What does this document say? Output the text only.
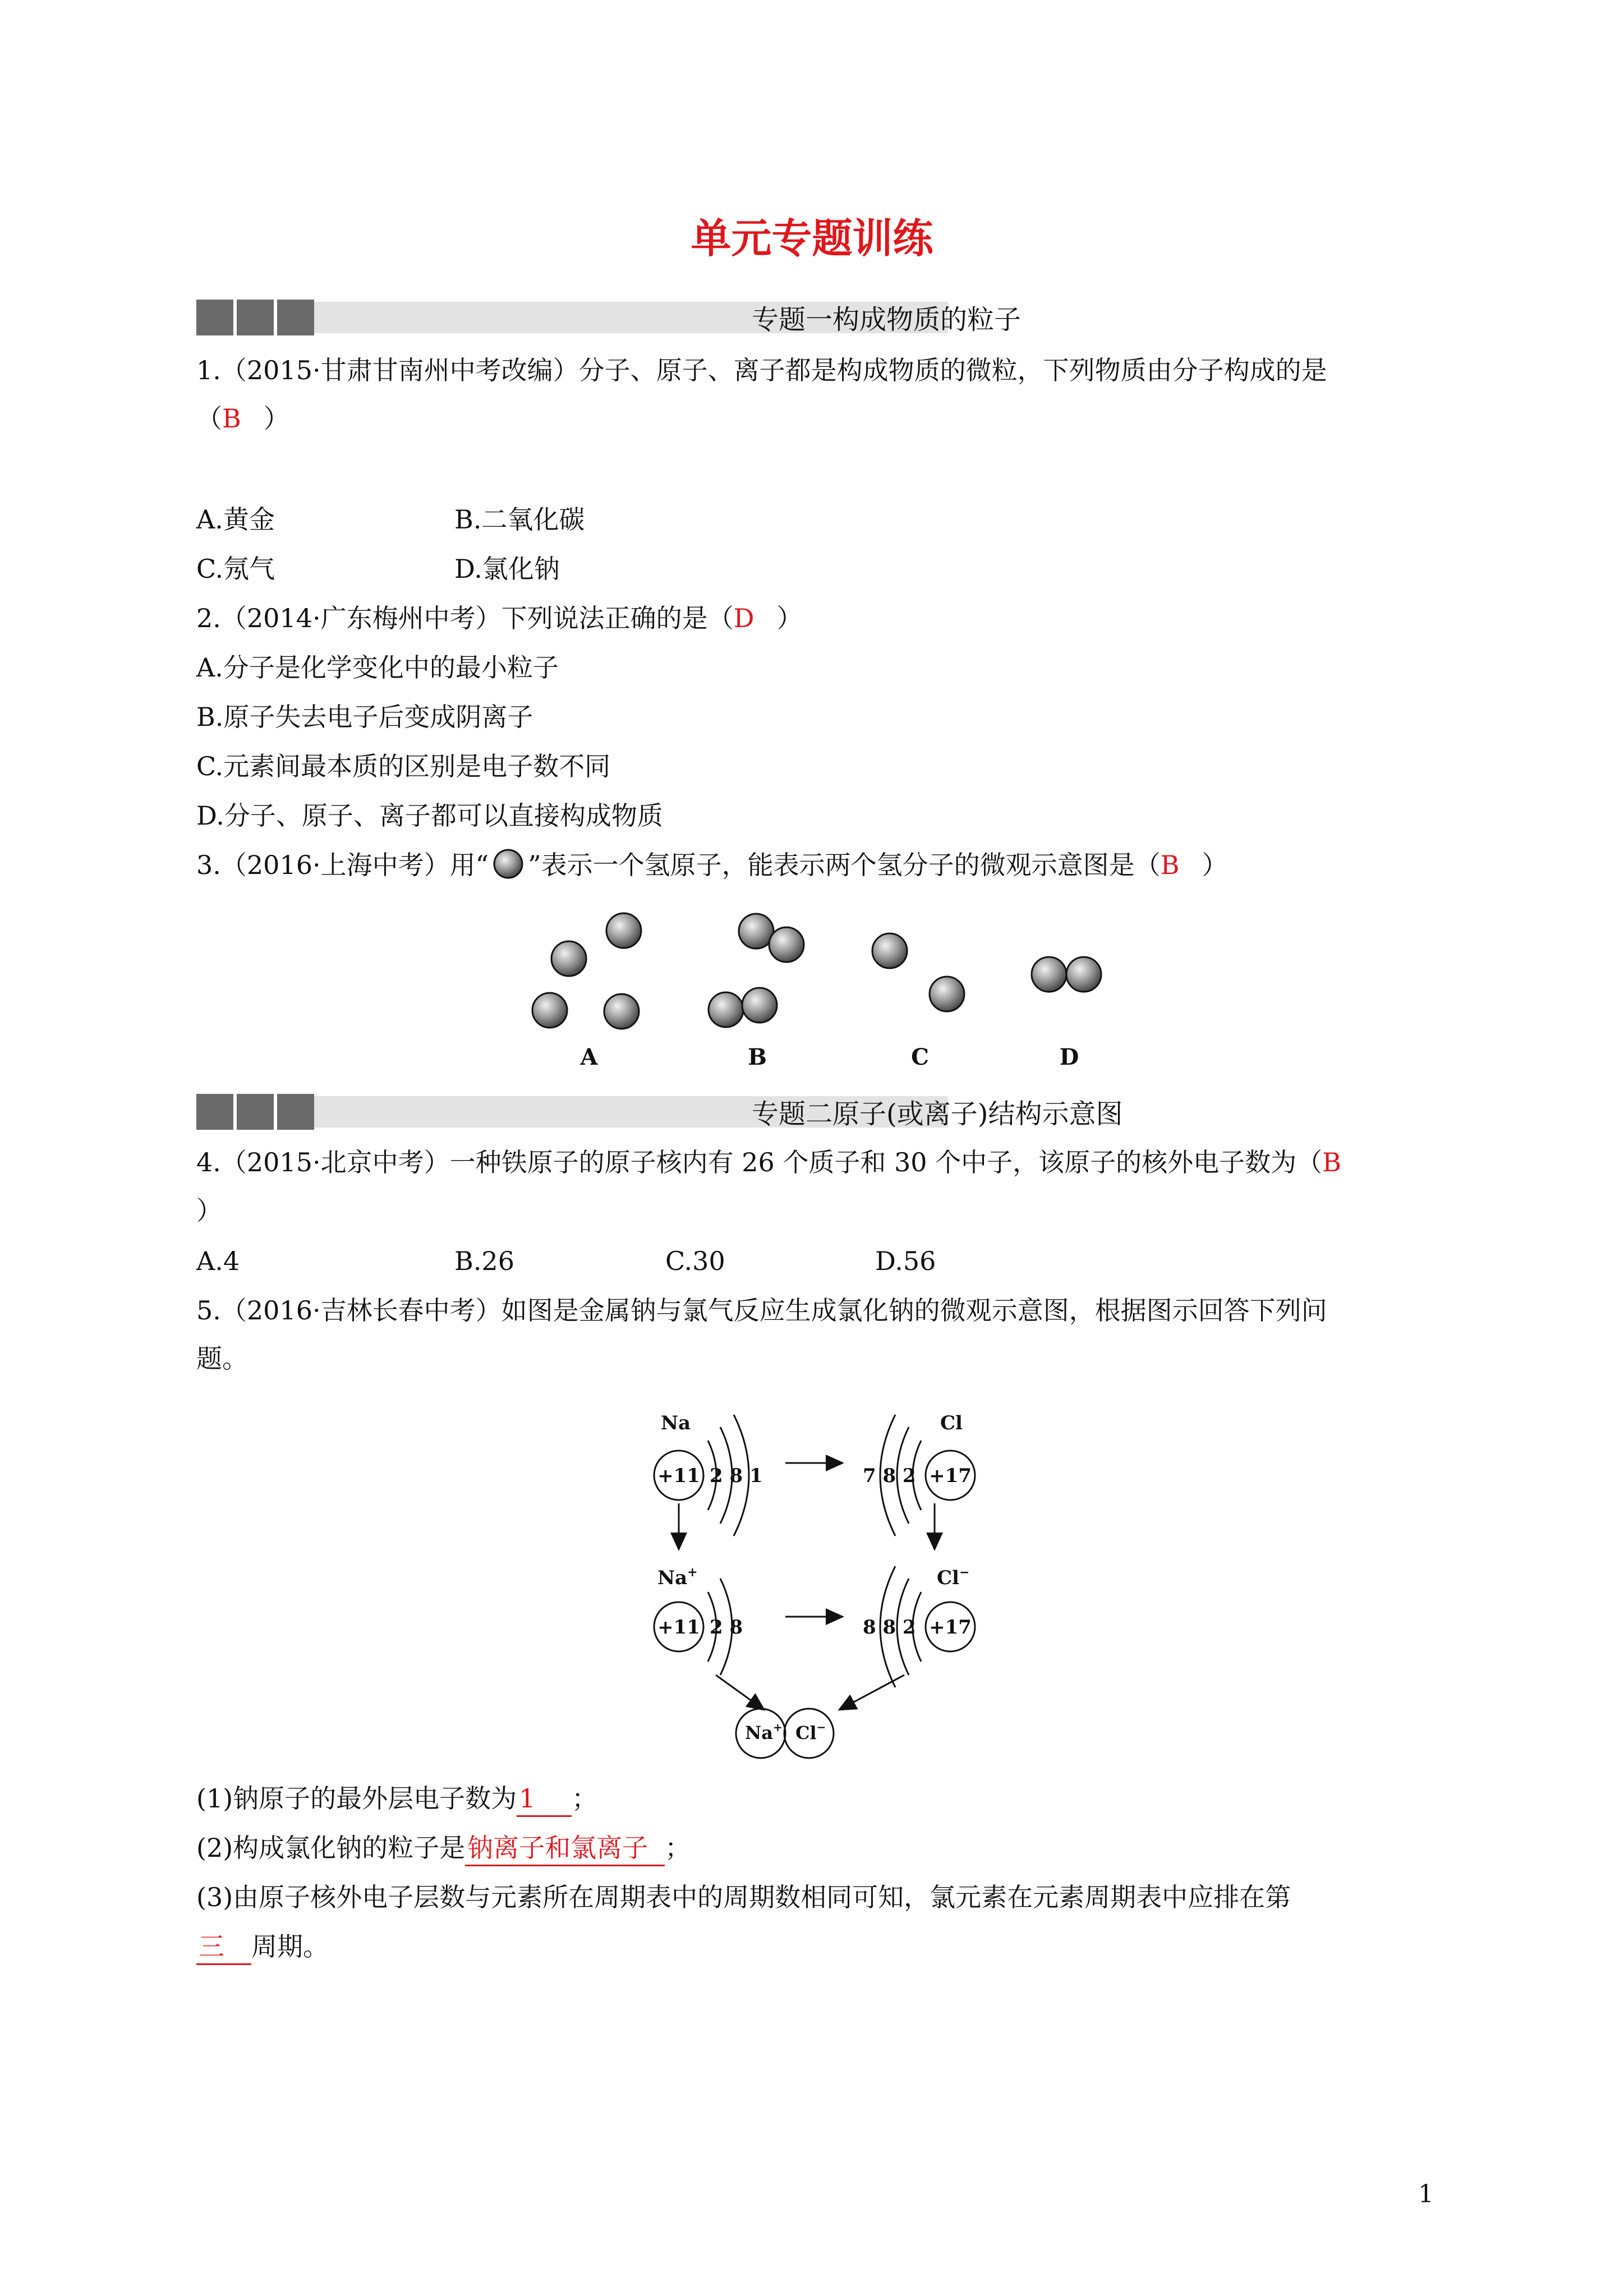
单元专题训练
专题一构成物质的粒子
1.（2015·甘肃甘南州中考改编）分子、原子、离子都是构成物质的微粒，下列物质由分子构成的是
（B ）
A.黄金	B.二氧化碳
C.氖气	D.氯化钠
2.（2014·广东梅州中考）下列说法正确的是（D ）
A.分子是化学变化中的最小粒子
B.原子失去电子后变成阴离子
C.元素间最本质的区别是电子数不同
D.分子、原子、离子都可以直接构成物质
3.（2016·上海中考）用“ ”表示一个氢原子，能表示两个氢分子的微观示意图是（B ）
A	B	C	D
专题二原子(或离子)结构示意图
4.（2015·北京中考）一种铁原子的原子核内有 26 个质子和 30 个中子，该原子的核外电子数为（B
）
A.4	B.26	C.30	D.56
5.（2016·吉林长春中考）如图是金属钠与氯气反应生成氯化钠的微观示意图，根据图示回答下列问
题。
Na
+11 2 8 1
Cl
+17
7 8 2
Na+
+11 2 8
Cl−
+17
8 8 2
Na+ Cl−
(1)钠原子的最外层电子数为1 ；
(2)构成氯化钠的粒子是钠离子和氯离子 ；
(3)由原子核外电子层数与元素所在周期表中的周期数相同可知，氯元素在元素周期表中应排在第
三 周期。
1
